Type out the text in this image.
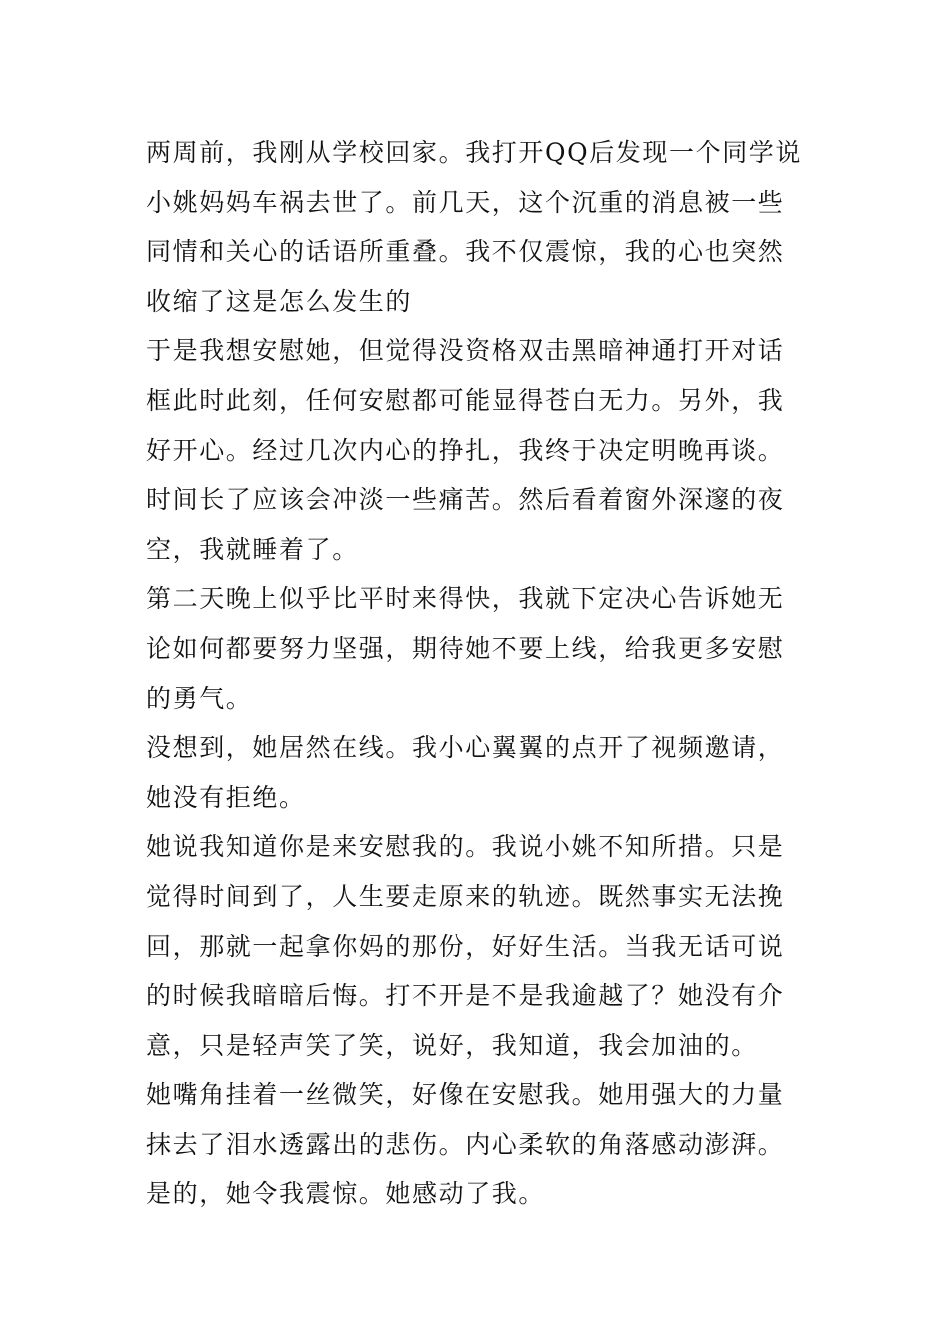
两周前，我刚从学校回家。我打开QQ后发现一个同学说小姚妈妈车祸去世了。前几天，这个沉重的消息被一些同情和关心的话语所重叠。我不仅震惊，我的心也突然收缩了这是怎么发生的

于是我想安慰她，但觉得没资格双击黑暗神通打开对话框此时此刻，任何安慰都可能显得苍白无力。另外，我好开心。经过几次内心的挣扎，我终于决定明晚再谈。时间长了应该会冲淡一些痛苦。然后看着窗外深邃的夜空，我就睡着了。

第二天晚上似乎比平时来得快，我就下定决心告诉她无论如何都要努力坚强，期待她不要上线，给我更多安慰的勇气。

没想到，她居然在线。我小心翼翼的点开了视频邀请，她没有拒绝。

她说我知道你是来安慰我的。我说小姚不知所措。只是觉得时间到了，人生要走原来的轨迹。既然事实无法挽回，那就一起拿你妈的那份，好好生活。当我无话可说的时候我暗暗后悔。打不开是不是我逾越了？她没有介意，只是轻声笑了笑，说好，我知道，我会加油的。

她嘴角挂着一丝微笑，好像在安慰我。她用强大的力量抹去了泪水透露出的悲伤。内心柔软的角落感动澎湃。

是的，她令我震惊。她感动了我。
